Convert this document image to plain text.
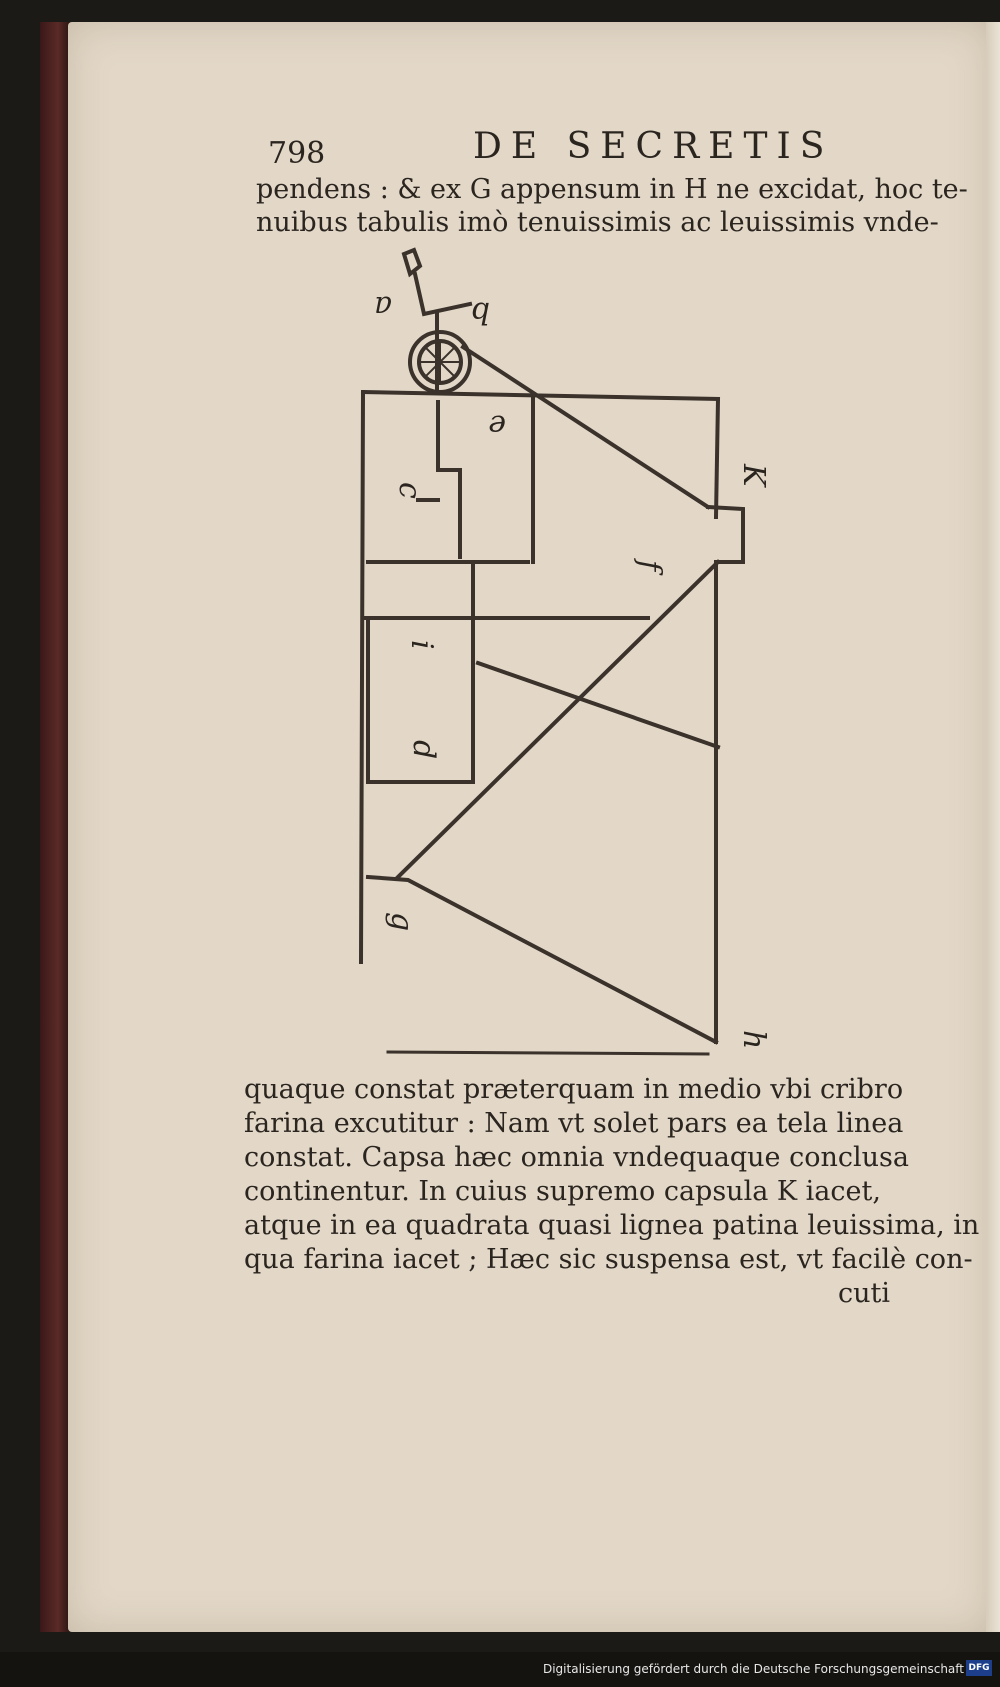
798	DE SECRETIS
pendens : & ex G appensum in H ne excidat, hoc te-
nuibus tabulis imò tenuissimis ac leuissimis vnde-
a	b
c
e
K
f
i
d
g
h
quaque constat præterquam in medio vbi cribro
farina excutitur : Nam vt solet pars ea tela linea
constat. Capsa hæc omnia vndequaque conclusa
continentur. In cuius supremo capsula K iacet,
atque in ea quadrata quasi lignea patina leuissima, in
qua farina iacet ; Hæc sic suspensa est, vt facilè con-
cuti
Digitalisierung gefördert durch die Deutsche Forschungsgemeinschaft DFG
